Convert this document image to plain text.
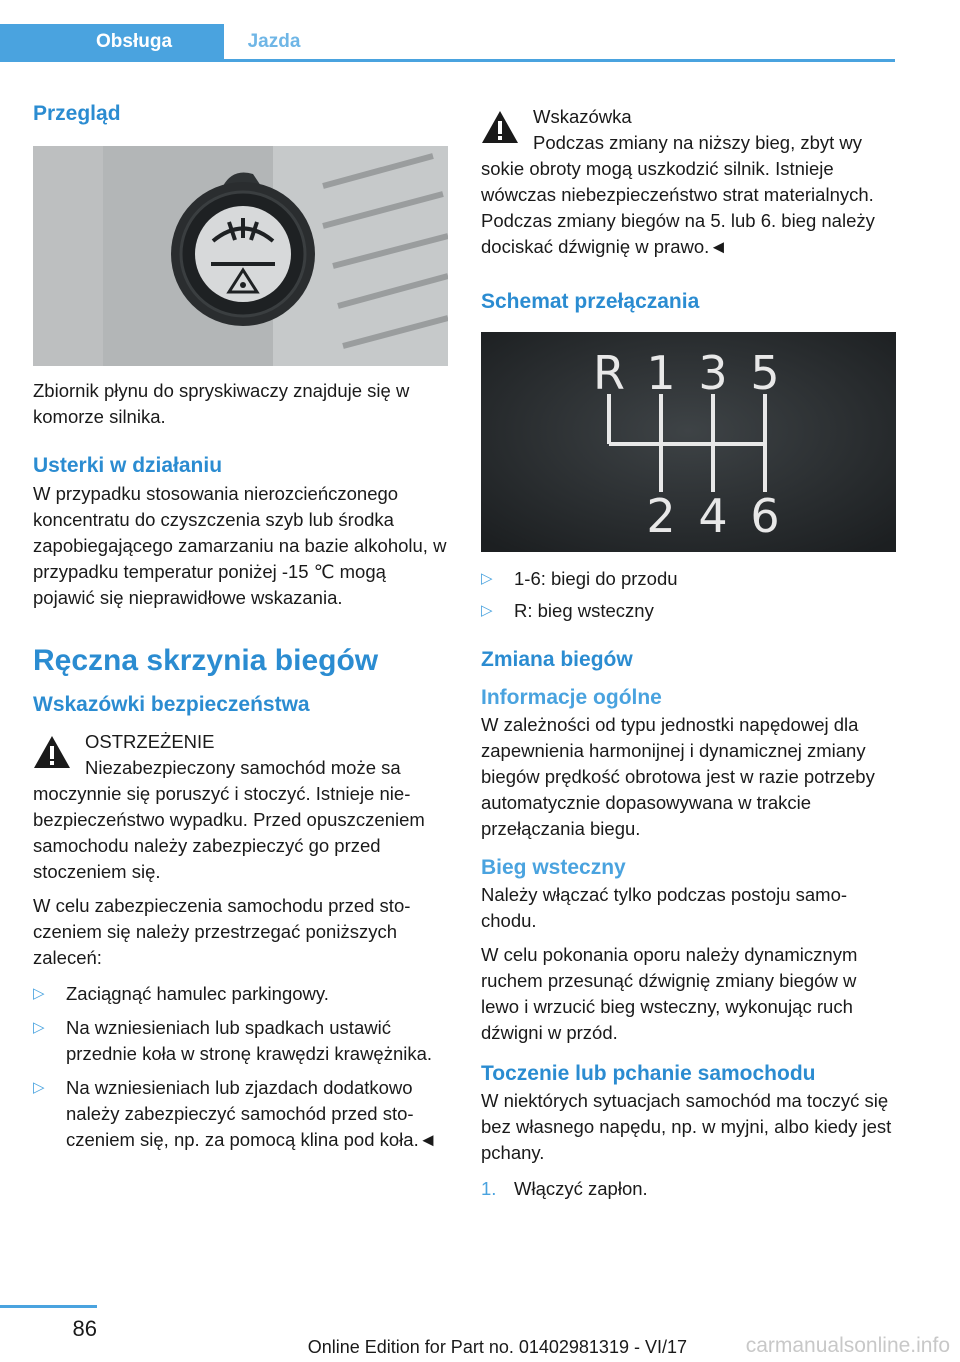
Obsługa	Jazda
Przegląd

Zbiornik płynu do spryskiwaczy znajduje się w komorze silnika.

Usterki w działaniu

W przypadku stosowania nierozcieńczonego koncentratu do czyszczenia szyb lub środka zapobiegającego zamarzaniu na bazie alkoholu, w przypadku temperatur poniżej -15 ℃ mogą pojawić się nieprawidłowe wskazania.

Ręczna skrzynia biegów
Wskazówki bezpieczeństwa
OSTRZEŻENIE
Niezabezpieczony samochód może sa

moczynnie się poruszyć i stoczyć. Istnieje niebezpieczeństwo wypadku. Przed opuszczeniem samochodu należy zabezpieczyć go przed stoczeniem się.

W celu zabezpieczenia samochodu przed stoczeniem się należy przestrzegać poniższych zaleceń:

▷ Zaciągnąć hamulec parkingowy.
▷ Na wzniesieniach lub spadkach ustawić przednie koła w stronę krawędzi krawężnika.
▷ Na wzniesieniach lub zjazdach dodatkowo należy zabezpieczyć samochód przed stoczeniem się, np. za pomocą klina pod koła.◄
Wskazówka
Podczas zmiany na niższy bieg, zbyt wy

sokie obroty mogą uszkodzić silnik. Istnieje wówczas niebezpieczeństwo strat materialnych. Podczas zmiany biegów na 5. lub 6. bieg należy dociskać dźwignię w prawo.◄

Schemat przełączania
R 1 3 5
2 4 6
▷ 1-6: biegi do przodu
▷ R: bieg wsteczny
Zmiana biegów
Informacje ogólne

W zależności od typu jednostki napędowej dla zapewnienia harmonijnej i dynamicznej zmiany biegów prędkość obrotowa jest w razie potrzeby automatycznie dopasowywana w trakcie przełączania biegu.

Bieg wsteczny

Należy włączać tylko podczas postoju samochodu.

W celu pokonania oporu należy dynamicznym ruchem przesunąć dźwignię zmiany biegów w lewo i wrzucić bieg wsteczny, wykonując ruch dźwigni w przód.

Toczenie lub pchanie samochodu

W niektórych sytuacjach samochód ma toczyć się bez własnego napędu, np. w myjni, albo kiedy jest pchany.

1. Włączyć zapłon.
86
Online Edition for Part no. 01402981319 - VI/17	carmanualsonline.info
